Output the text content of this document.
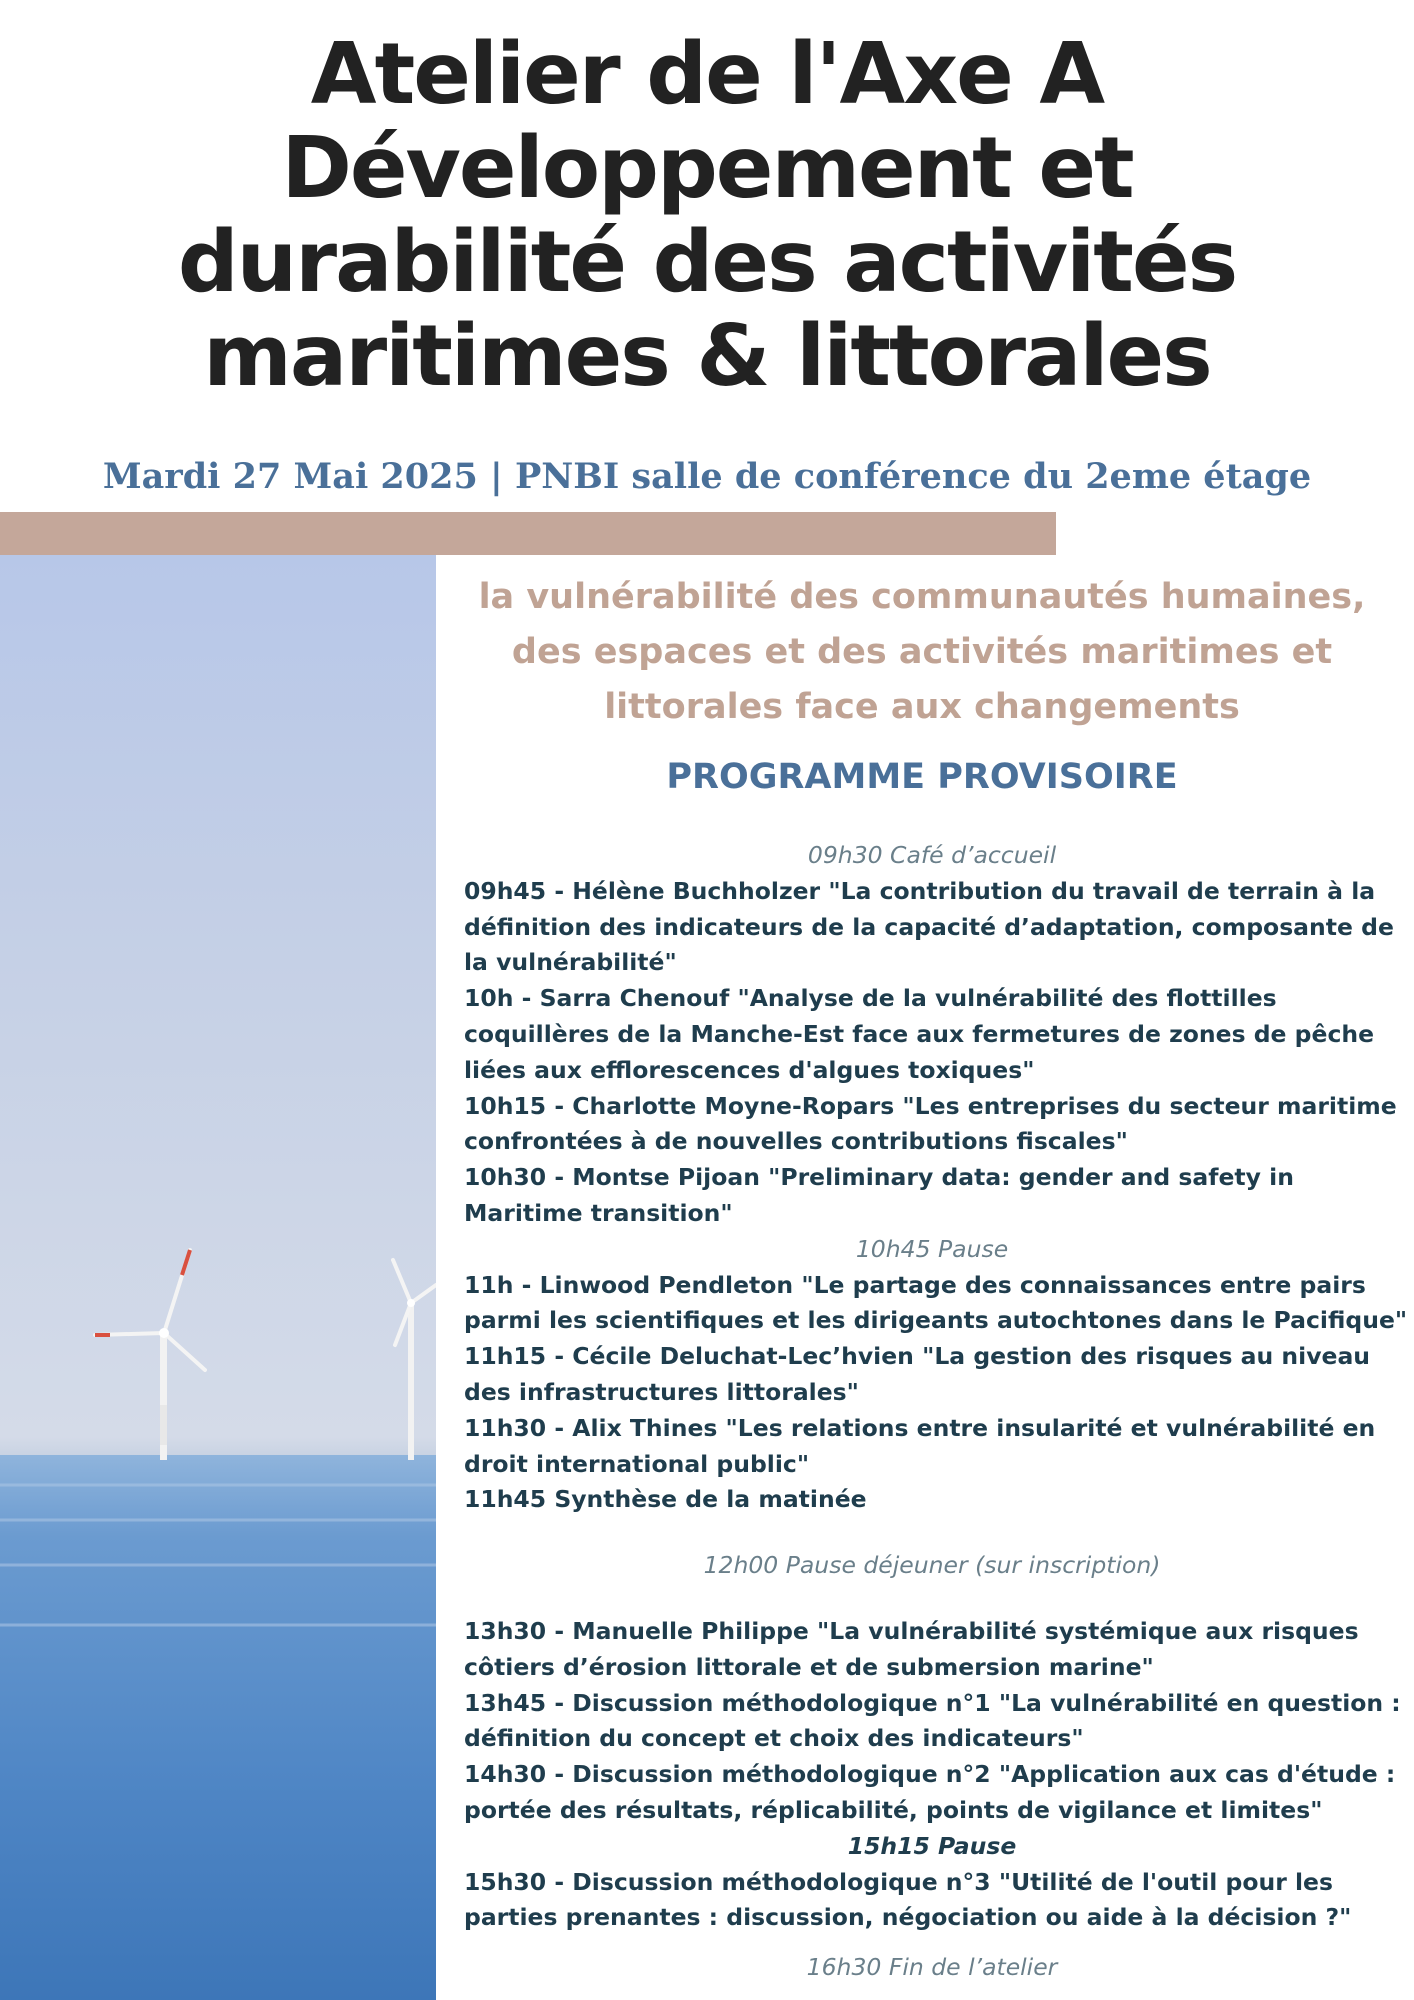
Atelier de l'Axe A
Développement et
durabilité des activités
maritimes & littorales
Mardi 27 Mai 2025 | PNBI salle de conférence du 2eme étage
la vulnérabilité des communautés humaines,
des espaces et des activités maritimes et
littorales face aux changements
PROGRAMME PROVISOIRE
09h30 Café d’accueil
09h45 - Hélène Buchholzer "La contribution du travail de terrain à la
définition des indicateurs de la capacité d’adaptation, composante de
la vulnérabilité"
10h - Sarra Chenouf "Analyse de la vulnérabilité des flottilles
coquillères de la Manche-Est face aux fermetures de zones de pêche
liées aux efflorescences d'algues toxiques"
10h15 - Charlotte Moyne-Ropars "Les entreprises du secteur maritime
confrontées à de nouvelles contributions fiscales"
10h30 - Montse Pijoan "Preliminary data: gender and safety in
Maritime transition"
10h45 Pause
11h - Linwood Pendleton "Le partage des connaissances entre pairs
parmi les scientifiques et les dirigeants autochtones dans le Pacifique"
11h15 - Cécile Deluchat-Lec’hvien "La gestion des risques au niveau
des infrastructures littorales"
11h30 - Alix Thines "Les relations entre insularité et vulnérabilité en
droit international public"
11h45 Synthèse de la matinée
12h00 Pause déjeuner (sur inscription)
13h30 - Manuelle Philippe "La vulnérabilité systémique aux risques
côtiers d’érosion littorale et de submersion marine"
13h45 - Discussion méthodologique n°1 "La vulnérabilité en question :
définition du concept et choix des indicateurs"
14h30 - Discussion méthodologique n°2 "Application aux cas d'étude :
portée des résultats, réplicabilité, points de vigilance et limites"
15h15 Pause
15h30 - Discussion méthodologique n°3 "Utilité de l'outil pour les
parties prenantes : discussion, négociation ou aide à la décision ?"
16h30 Fin de l’atelier
